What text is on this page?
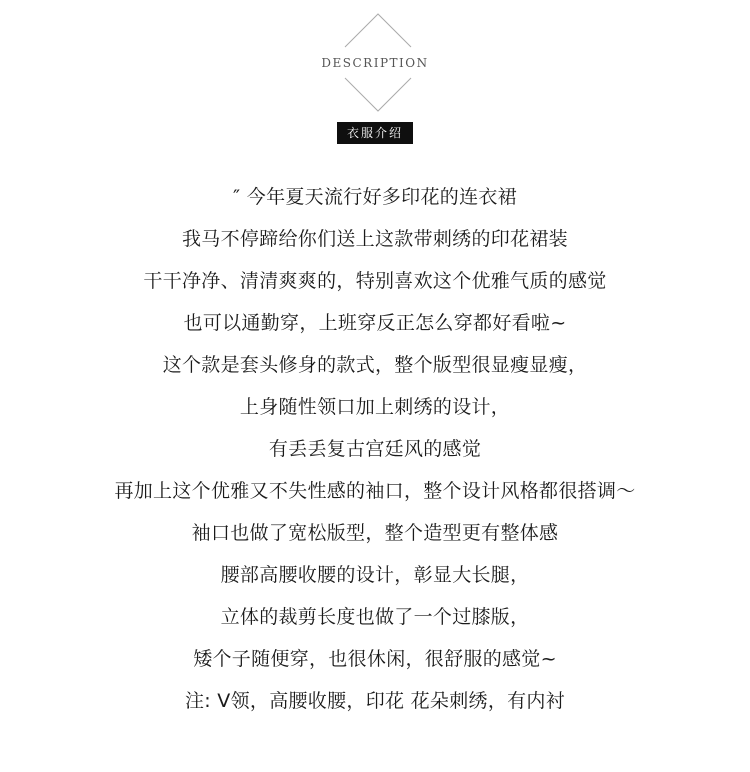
DESCRIPTION
衣服介绍
″ 今年夏天流行好多印花的连衣裙
我马不停蹄给你们送上这款带刺绣的印花裙装
干干净净、清清爽爽的，特别喜欢这个优雅气质的感觉
也可以通勤穿，上班穿反正怎么穿都好看啦~
这个款是套头修身的款式，整个版型很显瘦显瘦，
上身随性领口加上刺绣的设计，
有丢丢复古宫廷风的感觉
再加上这个优雅又不失性感的袖口，整个设计风格都很搭调～
袖口也做了宽松版型，整个造型更有整体感
腰部高腰收腰的设计，彰显大长腿，
立体的裁剪长度也做了一个过膝版，
矮个子随便穿，也很休闲，很舒服的感觉~
注: V领，高腰收腰，印花 花朵刺绣，有内衬
